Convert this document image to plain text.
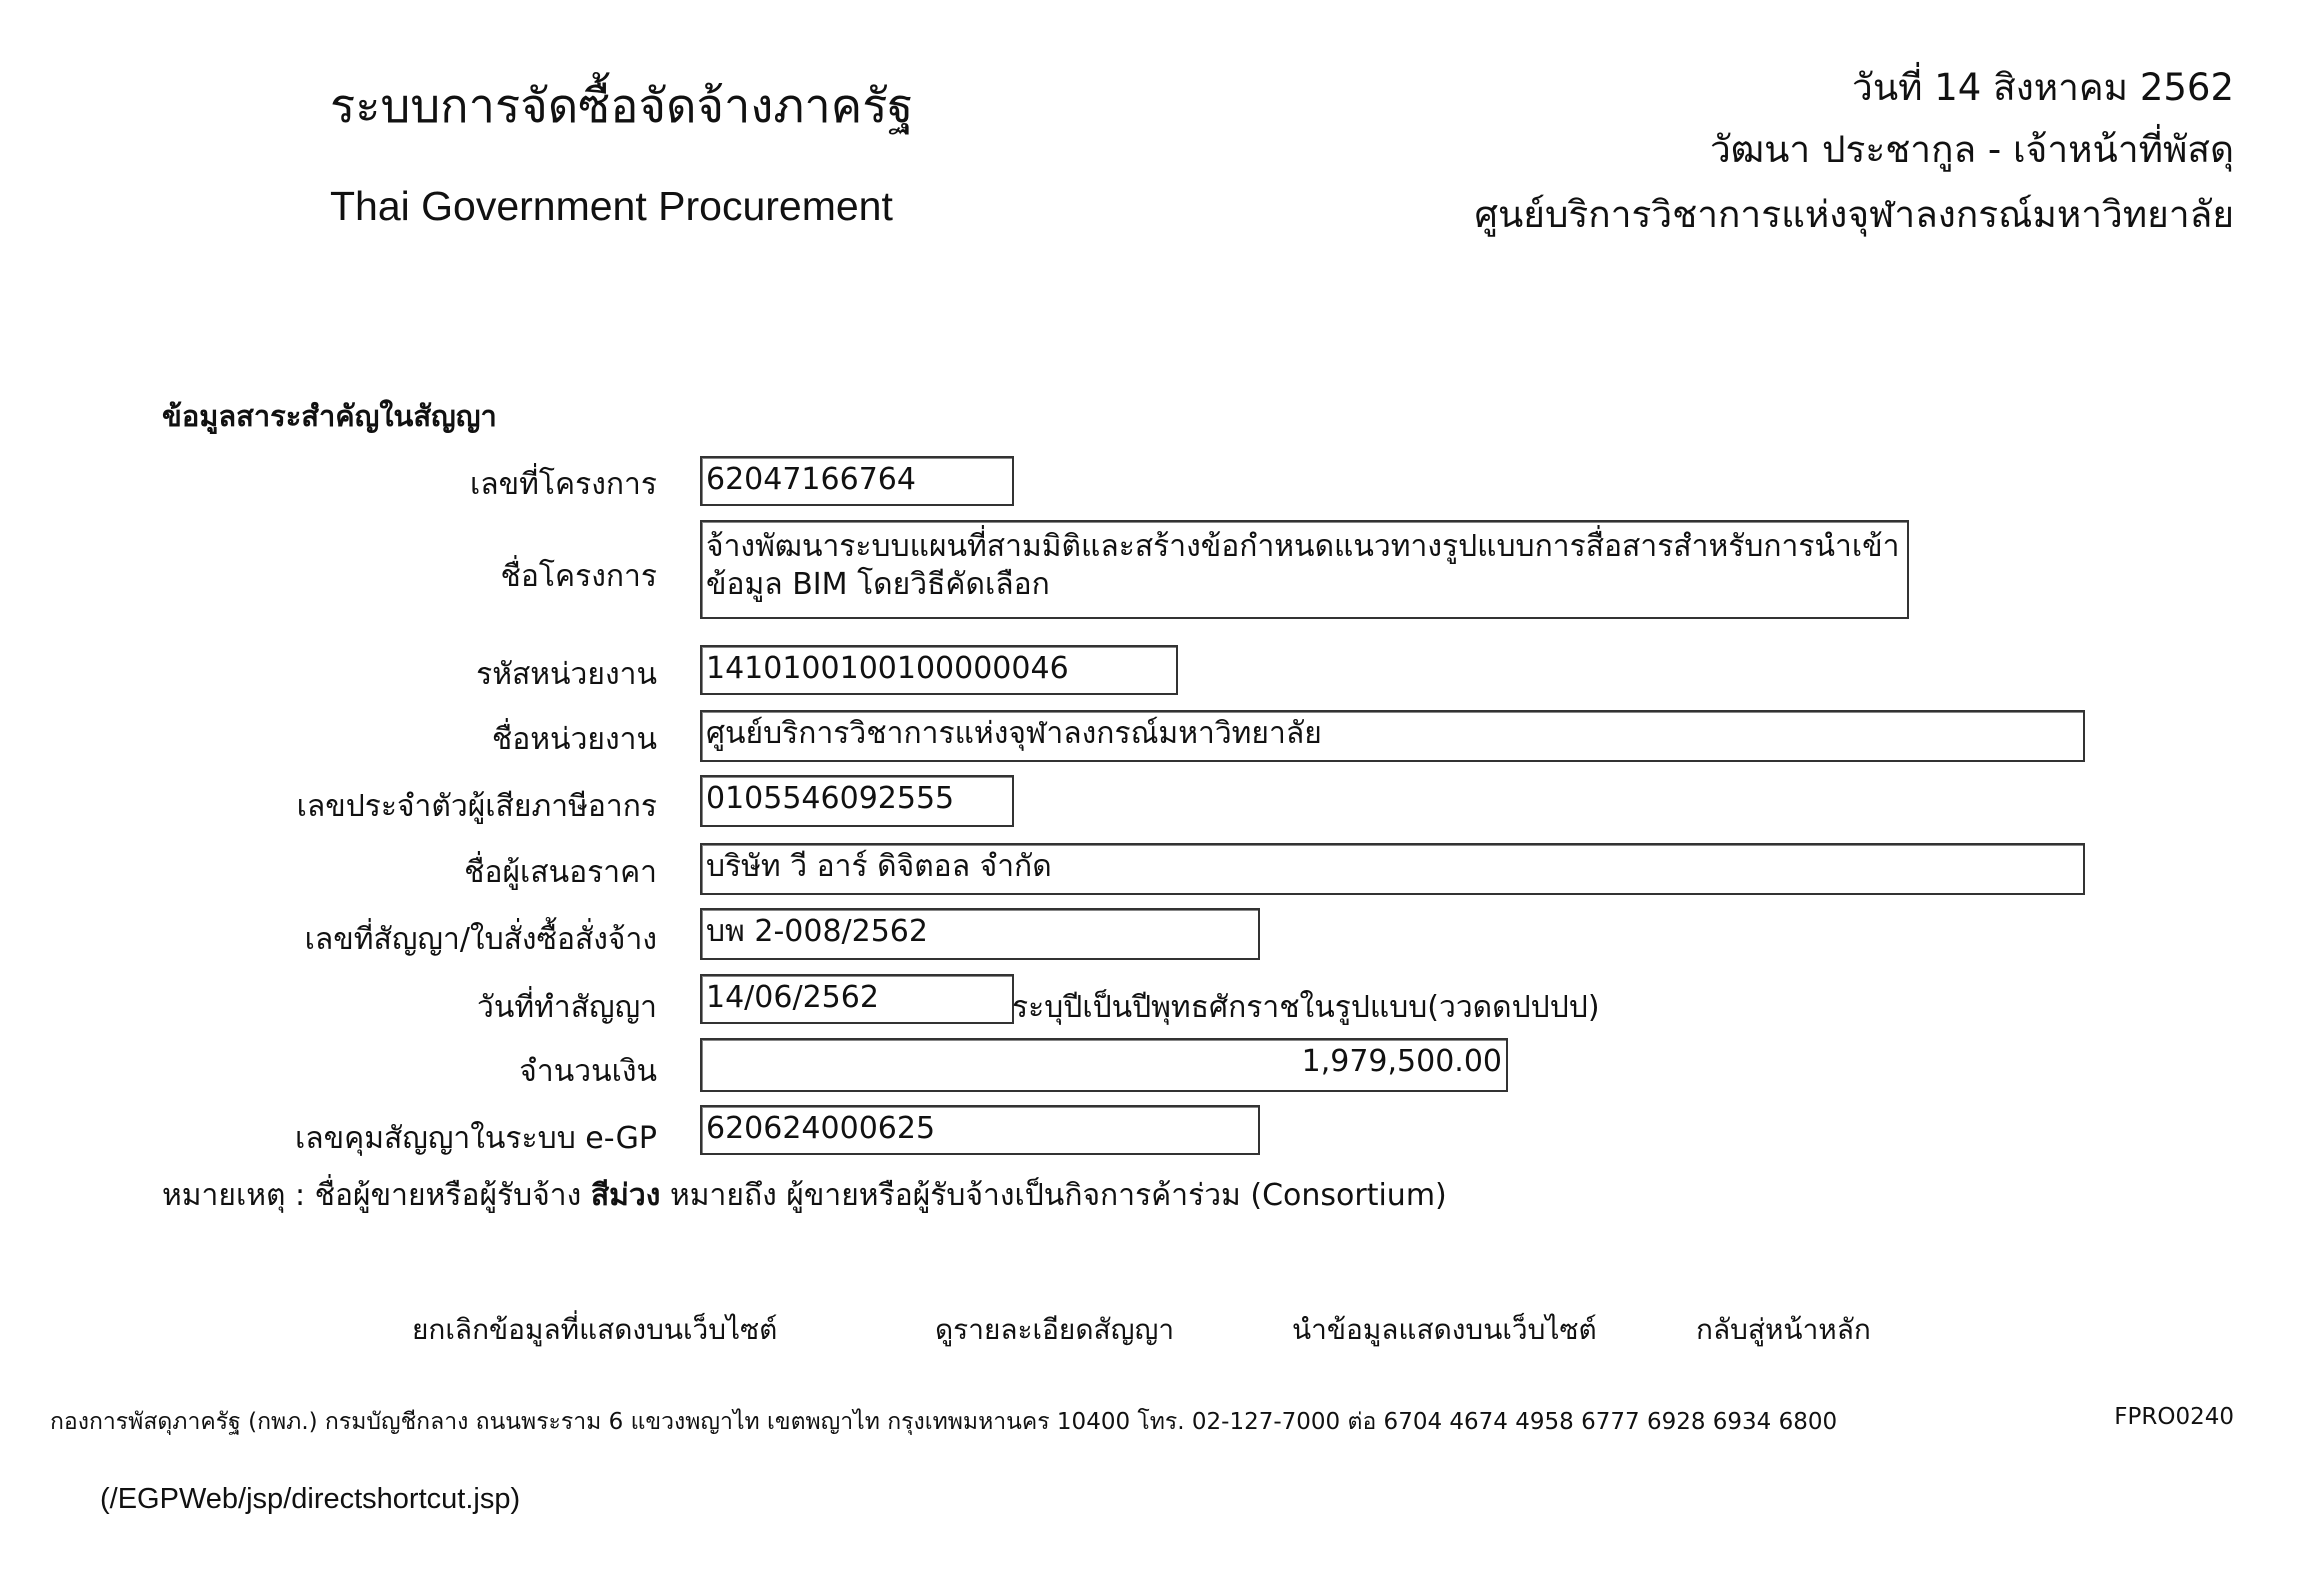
ระบบการจัดซื้อจัดจ้างภาครัฐ
Thai Government Procurement
วันที่ 14 สิงหาคม 2562
วัฒนา ประชากูล - เจ้าหน้าที่พัสดุ
ศูนย์บริการวิชาการแห่งจุฬาลงกรณ์มหาวิทยาลัย
ข้อมูลสาระสำคัญในสัญญา
เลขที่โครงการ 62047166764
ชื่อโครงการ
จ้างพัฒนาระบบแผนที่สามมิติและสร้างข้อกำหนดแนวทางรูปแบบการสื่อสารสำหรับการนำเข้าข้อมูล BIM โดยวิธีคัดเลือก
รหัสหน่วยงาน 1410100100100000046
ชื่อหน่วยงาน ศูนย์บริการวิชาการแห่งจุฬาลงกรณ์มหาวิทยาลัย
เลขประจำตัวผู้เสียภาษีอากร 0105546092555
ชื่อผู้เสนอราคา บริษัท วี อาร์ ดิจิตอล จำกัด
เลขที่สัญญา/ใบสั่งซื้อสั่งจ้าง บพ 2-008/2562
วันที่ทำสัญญา 14/06/2562	ระบุปีเป็นปีพุทธศักราชในรูปแบบ(ววดดปปปป)
จำนวนเงิน	1,979,500.00
เลขคุมสัญญาในระบบ e-GP 620624000625
หมายเหตุ : ชื่อผู้ขายหรือผู้รับจ้าง สีม่วง หมายถึง ผู้ขายหรือผู้รับจ้างเป็นกิจการค้าร่วม (Consortium)
ยกเลิกข้อมูลที่แสดงบนเว็บไซต์	ดูรายละเอียดสัญญา	นำข้อมูลแสดงบนเว็บไซต์	กลับสู่หน้าหลัก
กองการพัสดุภาครัฐ (กพภ.) กรมบัญชีกลาง ถนนพระราม 6 แขวงพญาไท เขตพญาไท กรุงเทพมหานคร 10400 โทร. 02-127-7000 ต่อ 6704 4674 4958 6777 6928 6934 6800	FPRO0240
(/EGPWeb/jsp/directshortcut.jsp)
